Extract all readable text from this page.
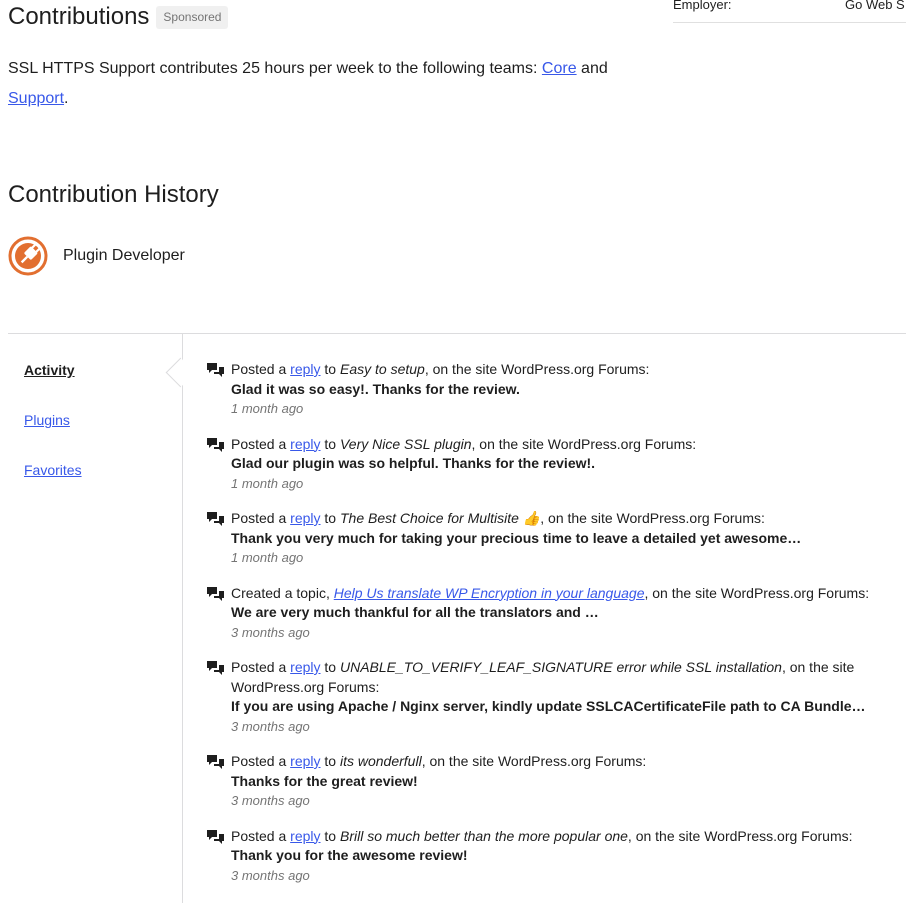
Employer:	Go Web S
Contributions	Sponsored
SSL HTTPS Support contributes 25 hours per week to the following teams: Core and Support.
Contribution History
Plugin Developer
Activity
Plugins
Favorites
Posted a reply to Easy to setup, on the site WordPress.org Forums:
Glad it was so easy!. Thanks for the review.
1 month ago
Posted a reply to Very Nice SSL plugin, on the site WordPress.org Forums:
Glad our plugin was so helpful. Thanks for the review!.
1 month ago
Posted a reply to The Best Choice for Multisite 👍, on the site WordPress.org Forums:
Thank you very much for taking your precious time to leave a detailed yet awesome…
1 month ago
Created a topic, Help Us translate WP Encryption in your language, on the site WordPress.org Forums:
We are very much thankful for all the translators and …
3 months ago
Posted a reply to UNABLE_TO_VERIFY_LEAF_SIGNATURE error while SSL installation, on the site WordPress.org Forums:
If you are using Apache / Nginx server, kindly update SSLCACertificateFile path to CA Bundle…
3 months ago
Posted a reply to its wonderfull, on the site WordPress.org Forums:
Thanks for the great review!
3 months ago
Posted a reply to Brill so much better than the more popular one, on the site WordPress.org Forums:
Thank you for the awesome review!
3 months ago
